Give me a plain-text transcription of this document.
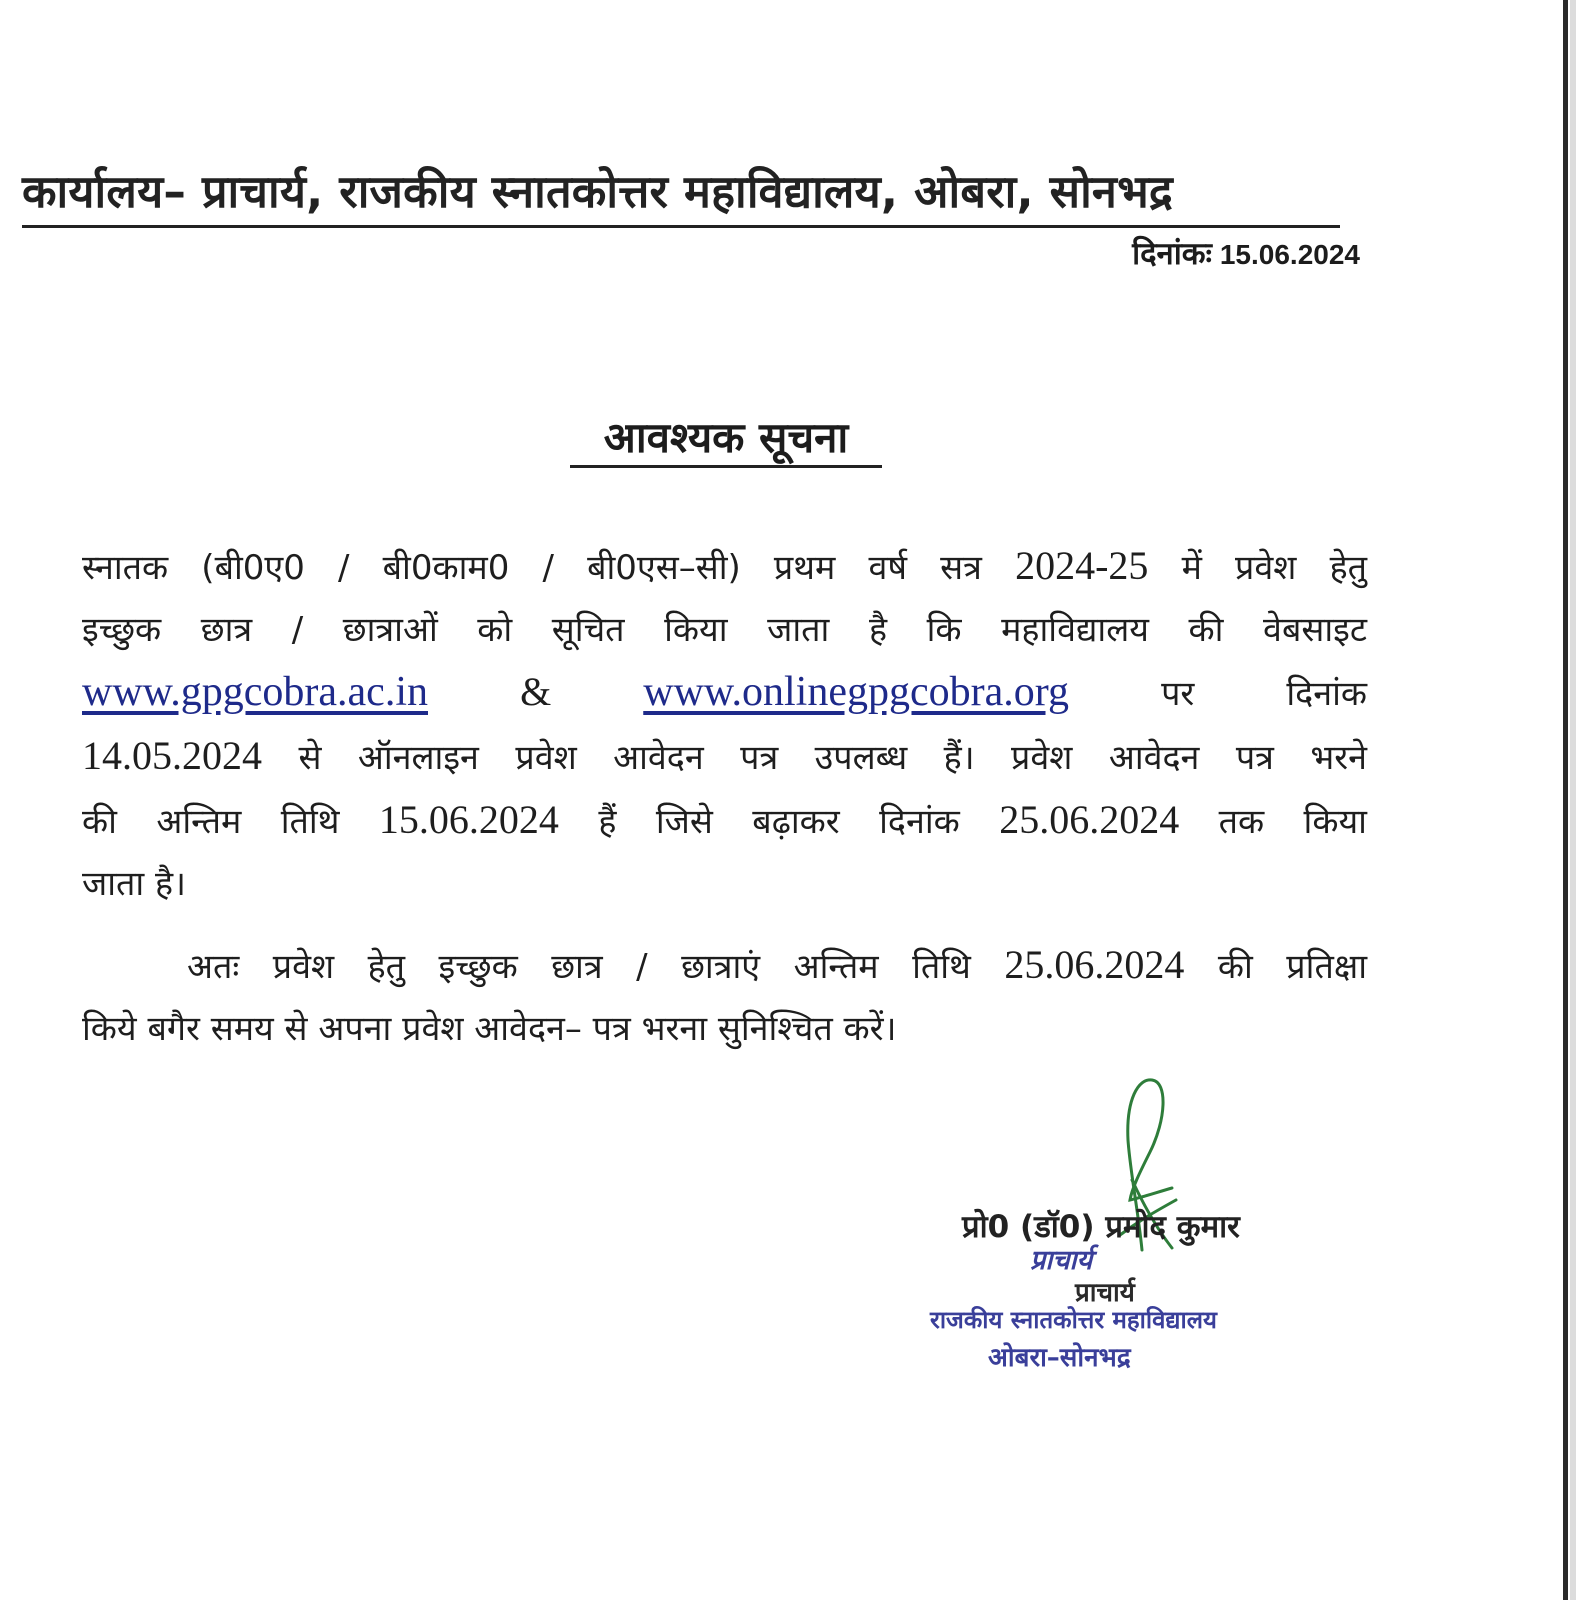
कार्यालय– प्राचार्य, राजकीय स्नातकोत्तर महाविद्यालय, ओबरा, सोनभद्र
दिनांकः 15.06.2024
आवश्यक सूचना
स्नातक (बी0ए0 / बी0काम0 / बी0एस–सी) प्रथम वर्ष सत्र 2024-25 में प्रवेश हेतु
इच्छुक छात्र / छात्राओं को सूचित किया जाता है कि महाविद्यालय की वेबसाइट
www.gpgcobra.ac.in & www.onlinegpgcobra.org	पर दिनांक
14.05.2024 से ऑनलाइन प्रवेश आवेदन पत्र उपलब्ध हैं। प्रवेश आवेदन पत्र भरने
की अन्तिम तिथि 15.06.2024 हैं जिसे बढ़ाकर दिनांक 25.06.2024 तक किया
जाता है।
अतः प्रवेश हेतु इच्छुक छात्र / छात्राएं अन्तिम तिथि 25.06.2024 की प्रतिक्षा
किये बगैर समय से अपना प्रवेश आवेदन– पत्र भरना सुनिश्चित करें।
प्रो0 (डॉ0) प्रमोद कुमार
प्राचार्य
प्राचार्य
राजकीय स्नातकोत्तर महाविद्यालय
ओबरा–सोनभद्र
